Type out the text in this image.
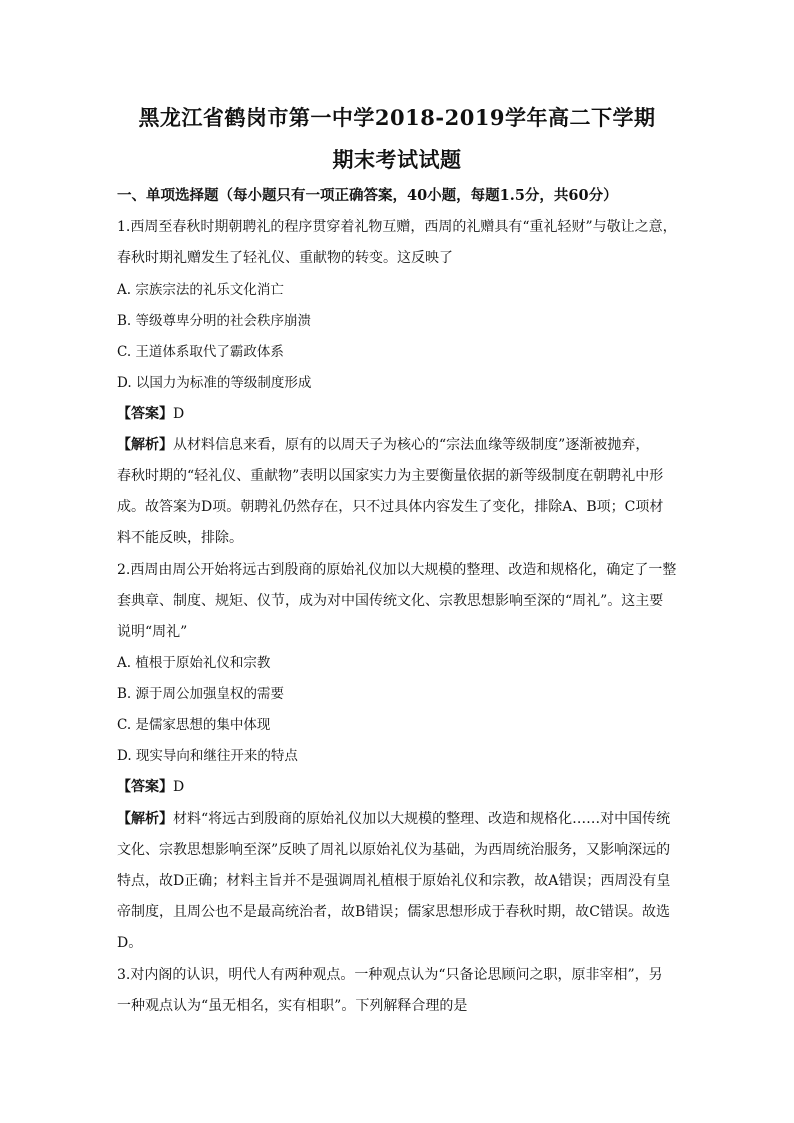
黑龙江省鹤岗市第一中学2018-2019学年高二下学期
期末考试试题
一、单项选择题（每小题只有一项正确答案，40小题，每题1.5分，共60分）
1.西周至春秋时期朝聘礼的程序贯穿着礼物互赠，西周的礼赠具有“重礼轻财”与敬让之意，
春秋时期礼赠发生了轻礼仪、重献物的转变。这反映了
A. 宗族宗法的礼乐文化消亡
B. 等级尊卑分明的社会秩序崩溃
C. 王道体系取代了霸政体系
D. 以国力为标准的等级制度形成
【答案】D
【解析】从材料信息来看，原有的以周天子为核心的“宗法血缘等级制度”逐渐被抛弃，
春秋时期的“轻礼仪、重献物”表明以国家实力为主要衡量依据的新等级制度在朝聘礼中形
成。故答案为D项。朝聘礼仍然存在，只不过具体内容发生了变化，排除A、B项；C项材
料不能反映，排除。
2.西周由周公开始将远古到殷商的原始礼仪加以大规模的整理、改造和规格化，确定了一整
套典章、制度、规矩、仪节，成为对中国传统文化、宗教思想影响至深的“周礼”。这主要
说明“周礼”
A. 植根于原始礼仪和宗教
B. 源于周公加强皇权的需要
C. 是儒家思想的集中体现
D. 现实导向和继往开来的特点
【答案】D
【解析】材料“将远古到殷商的原始礼仪加以大规模的整理、改造和规格化……对中国传统
文化、宗教思想影响至深”反映了周礼以原始礼仪为基础，为西周统治服务，又影响深远的
特点，故D正确；材料主旨并不是强调周礼植根于原始礼仪和宗教，故A错误；西周没有皇
帝制度，且周公也不是最高统治者，故B错误；儒家思想形成于春秋时期，故C错误。故选
D。
3.对内阁的认识，明代人有两种观点。一种观点认为“只备论思顾问之职，原非宰相”，另
一种观点认为“虽无相名，实有相职”。下列解释合理的是
